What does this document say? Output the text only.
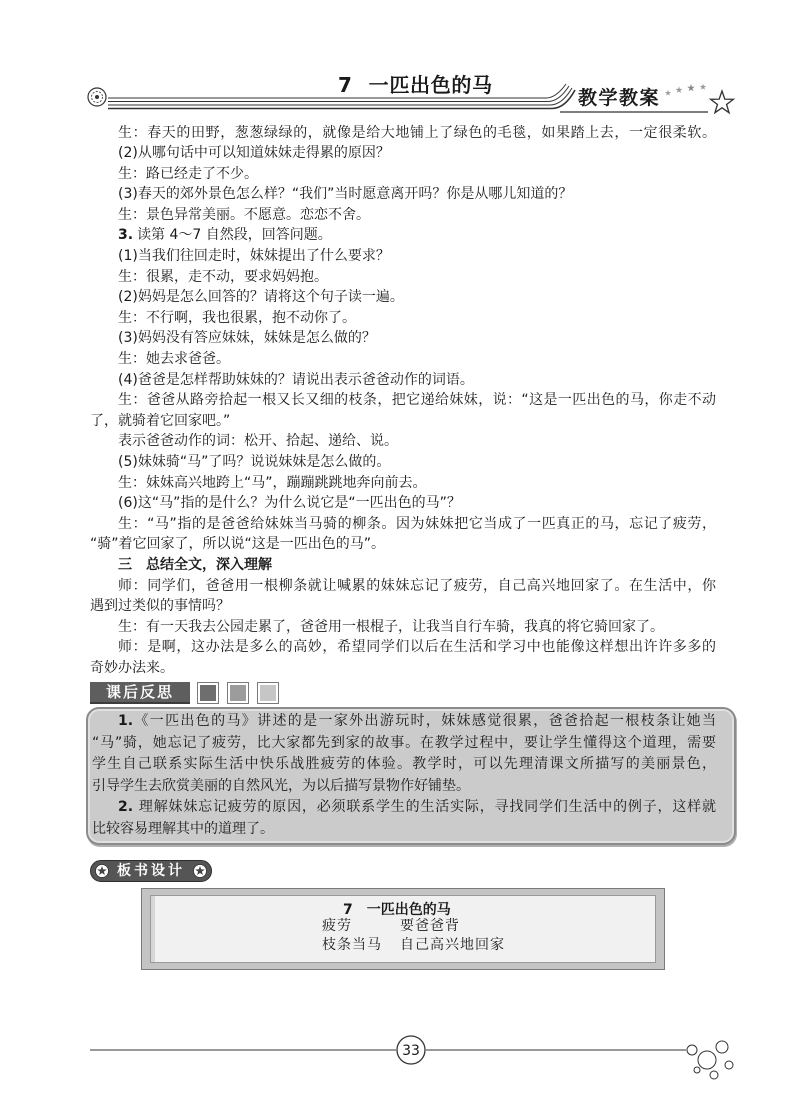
7 一匹出色的马
教学教案
生：春天的田野，葱葱绿绿的，就像是给大地铺上了绿色的毛毯，如果踏上去，一定很柔软。
(2)从哪句话中可以知道妹妹走得累的原因？
生：路已经走了不少。
(3)春天的郊外景色怎么样？“我们”当时愿意离开吗？你是从哪儿知道的？
生：景色异常美丽。不愿意。恋恋不舍。
3. 读第 4～7 自然段，回答问题。
(1)当我们往回走时，妹妹提出了什么要求？
生：很累，走不动，要求妈妈抱。
(2)妈妈是怎么回答的？请将这个句子读一遍。
生：不行啊，我也很累，抱不动你了。
(3)妈妈没有答应妹妹，妹妹是怎么做的？
生：她去求爸爸。
(4)爸爸是怎样帮助妹妹的？请说出表示爸爸动作的词语。
生：爸爸从路旁拾起一根又长又细的枝条，把它递给妹妹，说：“这是一匹出色的马，你走不动
了，就骑着它回家吧。”
表示爸爸动作的词：松开、拾起、递给、说。
(5)妹妹骑“马”了吗？说说妹妹是怎么做的。
生：妹妹高兴地跨上“马”，蹦蹦跳跳地奔向前去。
(6)这“马”指的是什么？为什么说它是“一匹出色的马”？
生：“马”指的是爸爸给妹妹当马骑的柳条。因为妹妹把它当成了一匹真正的马，忘记了疲劳，
“骑”着它回家了，所以说“这是一匹出色的马”。
三 总结全文，深入理解
师：同学们，爸爸用一根柳条就让喊累的妹妹忘记了疲劳，自己高兴地回家了。在生活中，你
遇到过类似的事情吗？
生：有一天我去公园走累了，爸爸用一根棍子，让我当自行车骑，我真的将它骑回家了。
师：是啊，这办法是多么的高妙，希望同学们以后在生活和学习中也能像这样想出许许多多的
奇妙办法来。
课后反思
1.《一匹出色的马》讲述的是一家外出游玩时，妹妹感觉很累，爸爸拾起一根枝条让她当
“马”骑，她忘记了疲劳，比大家都先到家的故事。在教学过程中，要让学生懂得这个道理，需要
学生自己联系实际生活中快乐战胜疲劳的体验。教学时，可以先理清课文所描写的美丽景色，
引导学生去欣赏美丽的自然风光，为以后描写景物作好铺垫。
2. 理解妹妹忘记疲劳的原因，必须联系学生的生活实际，寻找同学们生活中的例子，这样就
比较容易理解其中的道理了。
板书设计
7 一匹出色的马
疲劳	要爸爸背
枝条当马 自己高兴地回家
33
